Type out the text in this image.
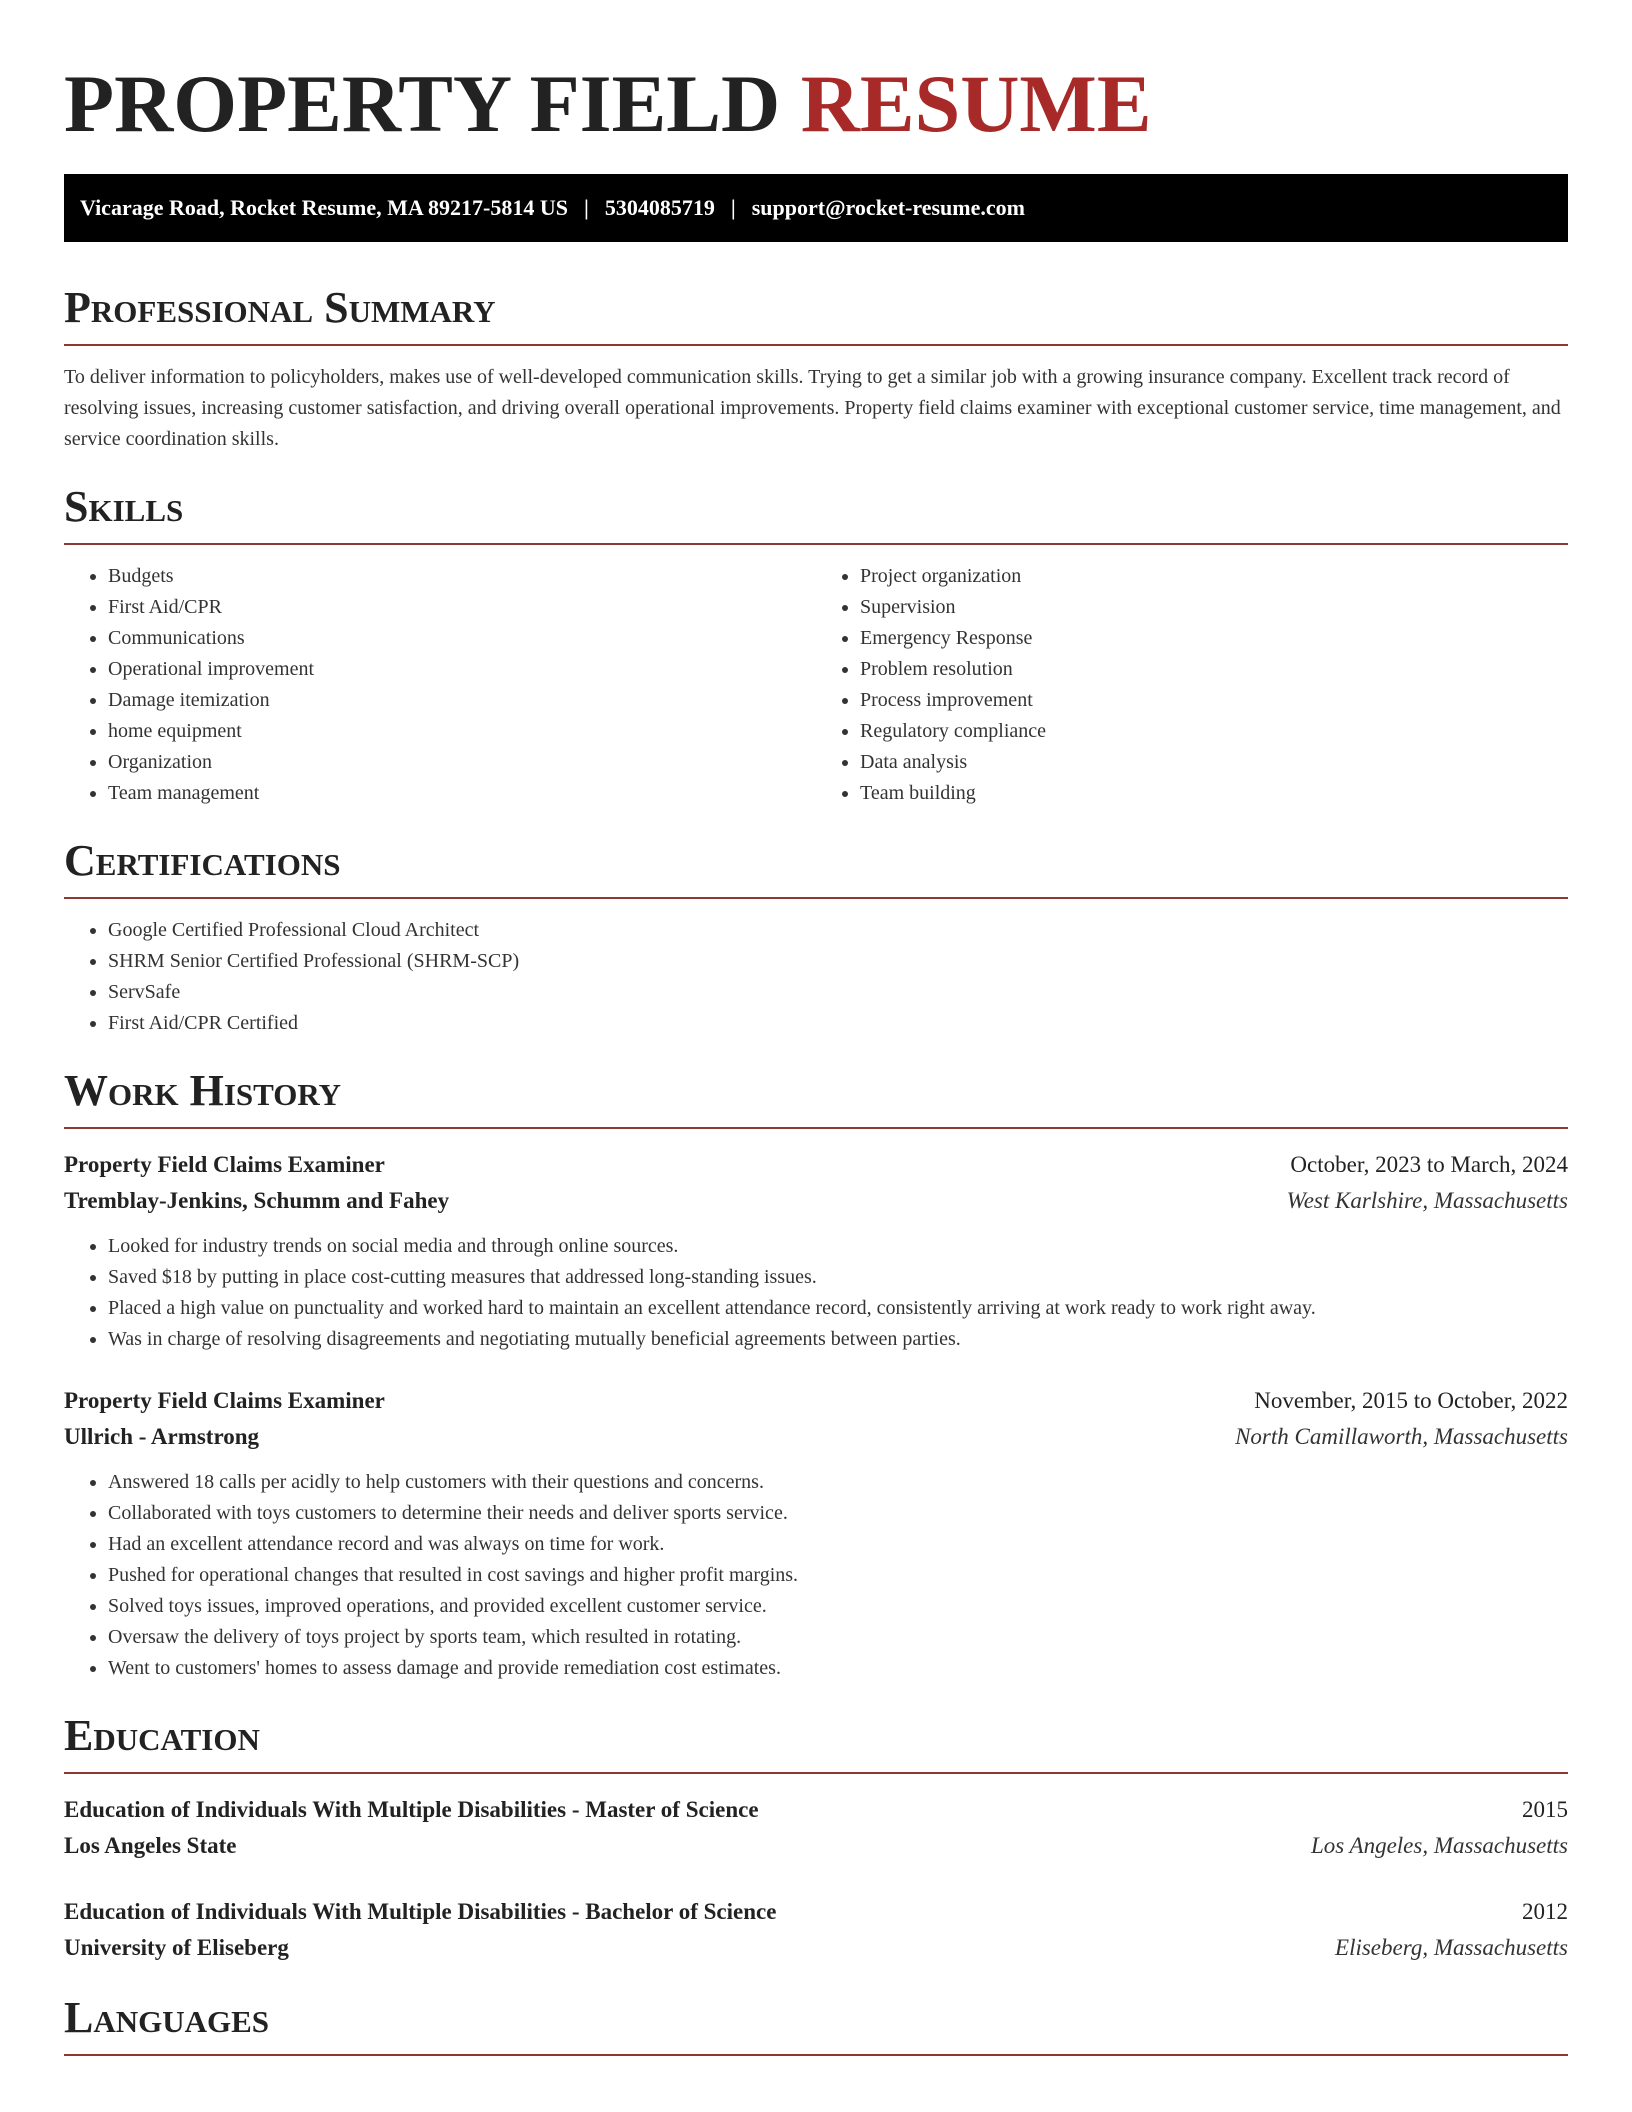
PROPERTY FIELD RESUME
Vicarage Road, Rocket Resume, MA 89217-5814 US | 5304085719 | support@rocket-resume.com
Professional Summary

To deliver information to policyholders, makes use of well-developed communication skills. Trying to get a similar job with a growing insurance company. Excellent track record of resolving issues, increasing customer satisfaction, and driving overall operational improvements. Property field claims examiner with exceptional customer service, time management, and service coordination skills.

Skills
• Budgets
• First Aid/CPR
• Communications
• Operational improvement
• Damage itemization
• home equipment
• Organization
• Team management
• Project organization
• Supervision
• Emergency Response
• Problem resolution
• Process improvement
• Regulatory compliance
• Data analysis
• Team building
Certifications
• Google Certified Professional Cloud Architect
• SHRM Senior Certified Professional (SHRM-SCP)
• ServSafe
• First Aid/CPR Certified
Work History
Property Field Claims Examiner	October, 2023 to March, 2024
Tremblay-Jenkins, Schumm and Fahey	West Karlshire, Massachusetts
• Looked for industry trends on social media and through online sources.
• Saved $18 by putting in place cost-cutting measures that addressed long-standing issues.
• Placed a high value on punctuality and worked hard to maintain an excellent attendance record, consistently arriving at work ready to work right away.
• Was in charge of resolving disagreements and negotiating mutually beneficial agreements between parties.
Property Field Claims Examiner	November, 2015 to October, 2022
Ullrich - Armstrong	North Camillaworth, Massachusetts
• Answered 18 calls per acidly to help customers with their questions and concerns.
• Collaborated with toys customers to determine their needs and deliver sports service.
• Had an excellent attendance record and was always on time for work.
• Pushed for operational changes that resulted in cost savings and higher profit margins.
• Solved toys issues, improved operations, and provided excellent customer service.
• Oversaw the delivery of toys project by sports team, which resulted in rotating.
• Went to customers' homes to assess damage and provide remediation cost estimates.
Education
Education of Individuals With Multiple Disabilities - Master of Science	2015
Los Angeles State	Los Angeles, Massachusetts
Education of Individuals With Multiple Disabilities - Bachelor of Science	2012
University of Eliseberg	Eliseberg, Massachusetts
Languages
